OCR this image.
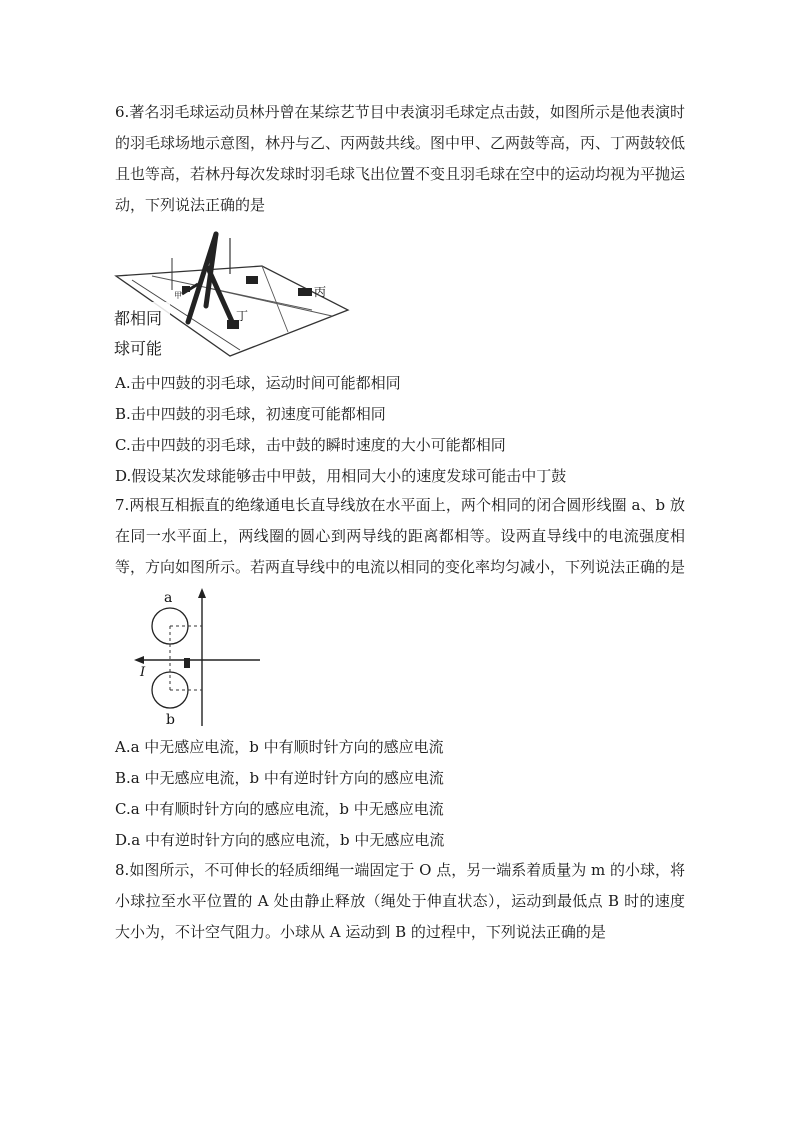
6.著名羽毛球运动员林丹曾在某综艺节目中表演羽毛球定点击鼓，如图所示是他表演时的羽毛球场地示意图，林丹与乙、丙两鼓共线。图中甲、乙两鼓等高，丙、丁两鼓较低且也等高，若林丹每次发球时羽毛球飞出位置不变且羽毛球在空中的运动均视为平抛运动，下列说法正确的是

丙
丁
甲
都相同
球可能

A.击中四鼓的羽毛球，运动时间可能都相同

B.击中四鼓的羽毛球，初速度可能都相同

C.击中四鼓的羽毛球，击中鼓的瞬时速度的大小可能都相同

D.假设某次发球能够击中甲鼓，用相同大小的速度发球可能击中丁鼓

7.两根互相振直的绝缘通电长直导线放在水平面上，两个相同的闭合圆形线圈 a、b 放在同一水平面上，两线圈的圆心到两导线的距离都相等。设两直导线中的电流强度相等，方向如图所示。若两直导线中的电流以相同的变化率均匀减小，下列说法正确的是

a
b
I

A.a 中无感应电流，b 中有顺时针方向的感应电流

B.a 中无感应电流，b 中有逆时针方向的感应电流

C.a 中有顺时针方向的感应电流，b 中无感应电流

D.a 中有逆时针方向的感应电流，b 中无感应电流

8.如图所示，不可伸长的轻质细绳一端固定于 O 点，另一端系着质量为 m 的小球，将小球拉至水平位置的 A 处由静止释放（绳处于伸直状态），运动到最低点 B 时的速度大小为，不计空气阻力。小球从 A 运动到 B 的过程中，下列说法正确的是
